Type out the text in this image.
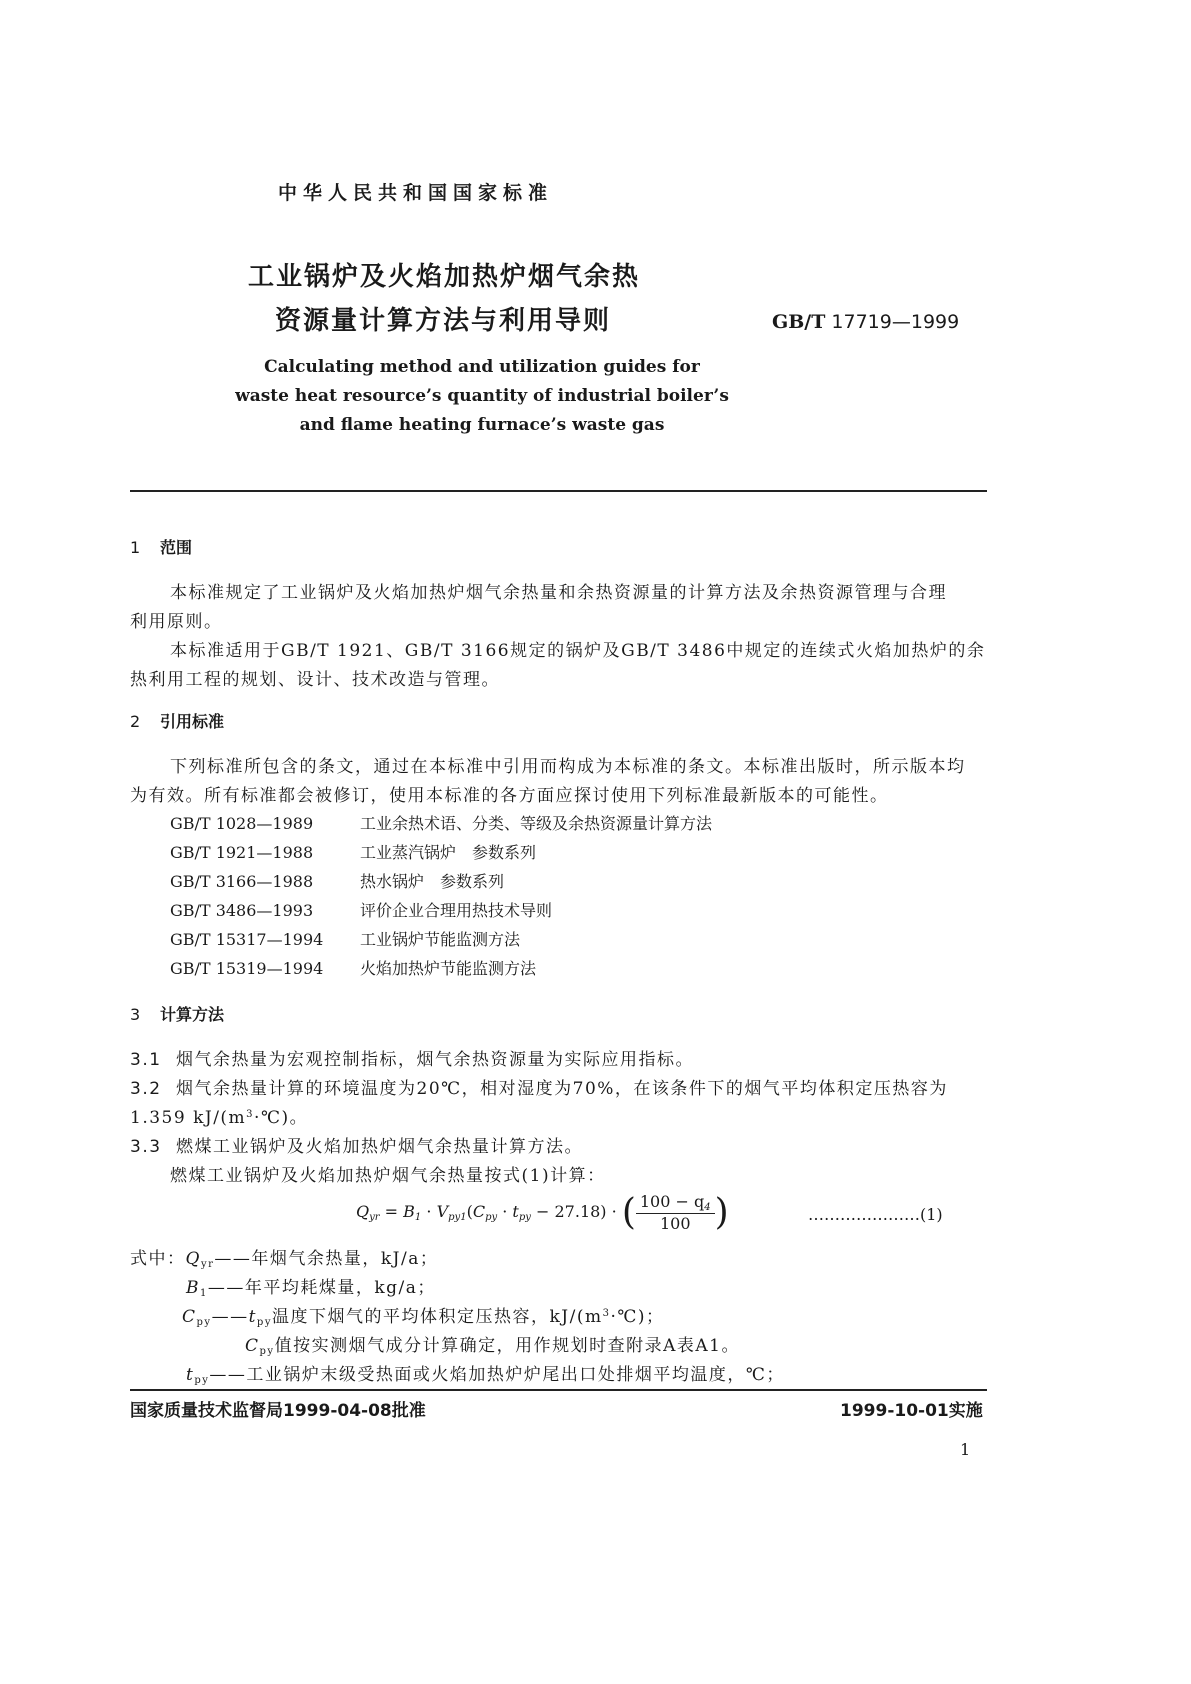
中华人民共和国国家标准
工业锅炉及火焰加热炉烟气余热
资源量计算方法与利用导则	GB/T 17719—1999
Calculating method and utilization guides for
waste heat resource’s quantity of industrial boiler’s
and flame heating furnace’s waste gas
1 范围
本标准规定了工业锅炉及火焰加热炉烟气余热量和余热资源量的计算方法及余热资源管理与合理
利用原则。
本标准适用于GB/T 1921、GB/T 3166规定的锅炉及GB/T 3486中规定的连续式火焰加热炉的余
热利用工程的规划、设计、技术改造与管理。
2 引用标准
下列标准所包含的条文，通过在本标准中引用而构成为本标准的条文。本标准出版时，所示版本均
为有效。所有标准都会被修订，使用本标准的各方面应探讨使用下列标准最新版本的可能性。
GB/T 1028—1989	工业余热术语、分类、等级及余热资源量计算方法
GB/T 1921—1988	工业蒸汽锅炉　参数系列
GB/T 3166—1988	热水锅炉　参数系列
GB/T 3486—1993	评价企业合理用热技术导则
GB/T 15317—1994 工业锅炉节能监测方法
GB/T 15319—1994 火焰加热炉节能监测方法
3 计算方法
3.1 烟气余热量为宏观控制指标，烟气余热资源量为实际应用指标。
3.2 烟气余热量计算的环境温度为20℃，相对湿度为70%，在该条件下的烟气平均体积定压热容为
1.359 $kJ/(m^3\cdot℃)$。
3.3 燃煤工业锅炉及火焰加热炉烟气余热量计算方法。
燃煤工业锅炉及火焰加热炉烟气余热量按式(1)计算：
$Q_{yr} = B_1 \cdot V_{py1}(C_{py} \cdot t_{py} - 27.18)$ · ( $\frac{100 - q_4}{100}$ )	…………………(1)
式中：$Q_{yr}——$年烟气余热量，kJ/a；
$B_1——$年平均耗煤量，kg/a；
$C_{py}——t_{py}$温度下烟气的平均体积定压热容，$kJ/(m^3\cdot℃)$；
$C_{py}$值按实测烟气成分计算确定，用作规划时查附录A表A1。
$t_{py}——$工业锅炉末级受热面或火焰加热炉炉尾出口处排烟平均温度，℃；
国家质量技术监督局1999-04-08批准	1999-10-01实施
1
